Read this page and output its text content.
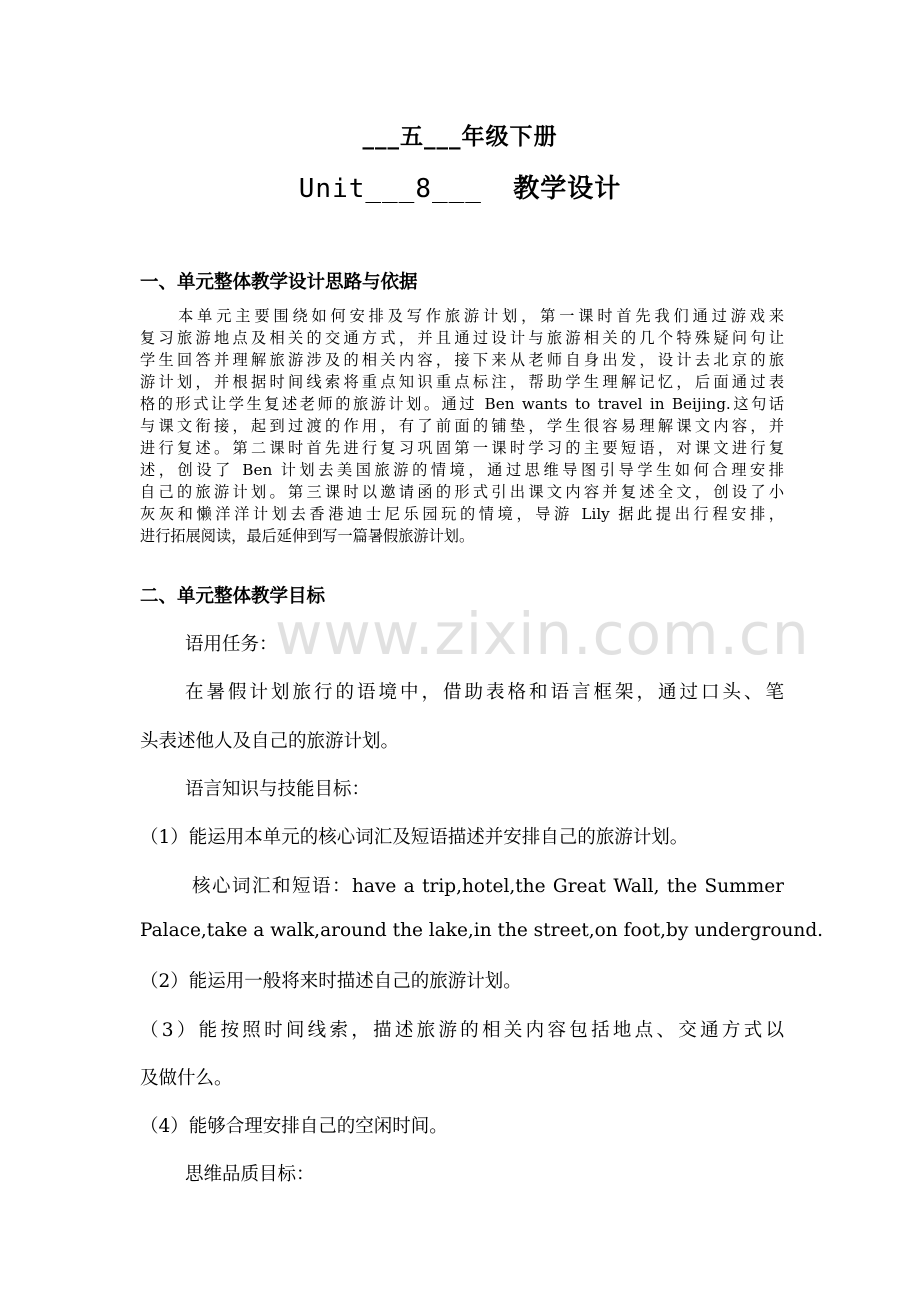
___五___年级下册
Unit___8___ 教学设计
一、单元整体教学设计思路与依据
　　本单元主要围绕如何安排及写作旅游计划，第一课时首先我们通过游戏来
复习旅游地点及相关的交通方式，并且通过设计与旅游相关的几个特殊疑问句让
学生回答并理解旅游涉及的相关内容，接下来从老师自身出发，设计去北京的旅
游计划，并根据时间线索将重点知识重点标注，帮助学生理解记忆，后面通过表
格的形式让学生复述老师的旅游计划。通过 Ben wants to travel in Beijing.这句话
与课文衔接，起到过渡的作用，有了前面的铺垫，学生很容易理解课文内容，并
进行复述。第二课时首先进行复习巩固第一课时学习的主要短语，对课文进行复
述，创设了 Ben 计划去美国旅游的情境，通过思维导图引导学生如何合理安排
自己的旅游计划。第三课时以邀请函的形式引出课文内容并复述全文，创设了小
灰灰和懒洋洋计划去香港迪士尼乐园玩的情境，导游 Lily 据此提出行程安排，
进行拓展阅读，最后延伸到写一篇暑假旅游计划。
二、单元整体教学目标
语用任务：
在暑假计划旅行的语境中，借助表格和语言框架，通过口头、笔
头表述他人及自己的旅游计划。
语言知识与技能目标：
（1）能运用本单元的核心词汇及短语描述并安排自己的旅游计划。
核心词汇和短语：have a trip,hotel,the Great Wall, the Summer
Palace,take a walk,around the lake,in the street,on foot,by underground.
（2）能运用一般将来时描述自己的旅游计划。
（3）能按照时间线索，描述旅游的相关内容包括地点、交通方式以
及做什么。
（4）能够合理安排自己的空闲时间。
思维品质目标：
www.zixin.com.cn
